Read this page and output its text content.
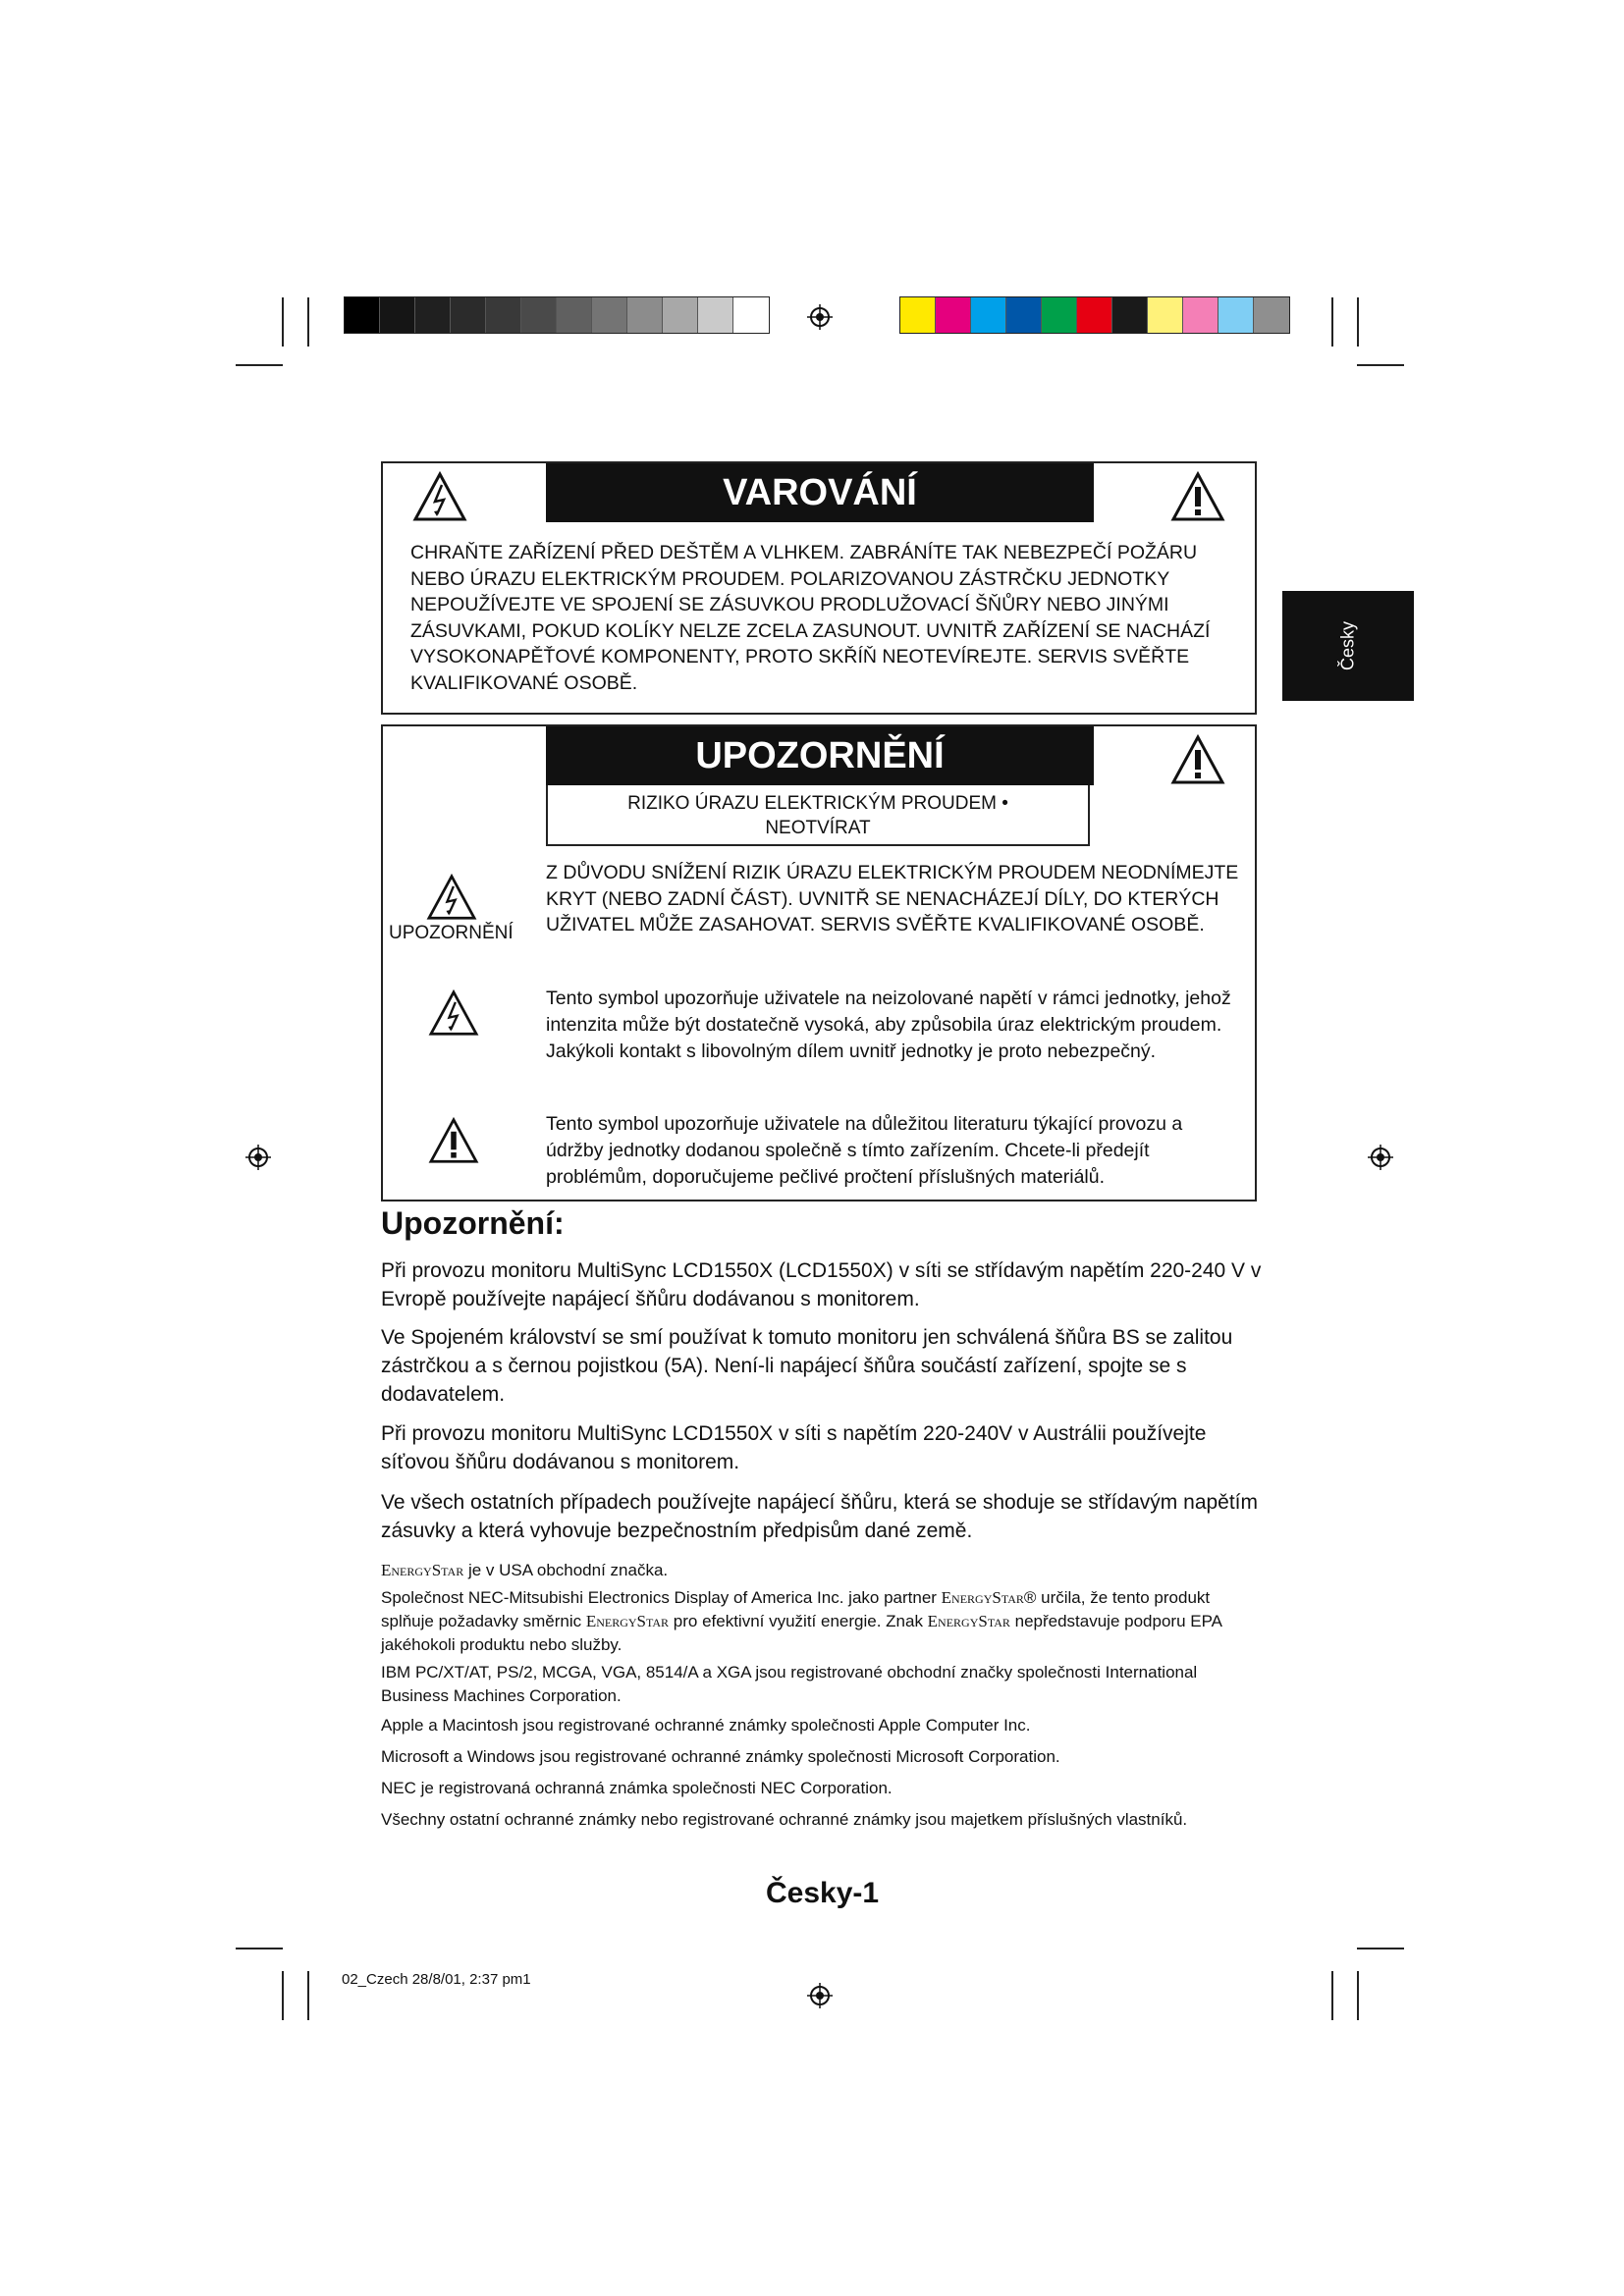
Česky
VAROVÁNÍ
CHRAŇTE ZAŘÍZENÍ PŘED DEŠTĚM A VLHKEM. ZABRÁNÍTE TAK NEBEZPEČÍ POŽÁRU NEBO ÚRAZU ELEKTRICKÝM PROUDEM. POLARIZOVANOU ZÁSTRČKU JEDNOTKY NEPOUŽÍVEJTE VE SPOJENÍ SE ZÁSUVKOU PRODLUŽOVACÍ ŠŇŮRY NEBO JINÝMI ZÁSUVKAMI, POKUD KOLÍKY NELZE ZCELA ZASUNOUT. UVNITŘ ZAŘÍZENÍ SE NACHÁZÍ VYSOKONAPĚŤOVÉ KOMPONENTY, PROTO SKŘÍŇ NEOTEVÍREJTE. SERVIS SVĚŘTE KVALIFIKOVANÉ OSOBĚ.
UPOZORNĚNÍ
RIZIKO ÚRAZU ELEKTRICKÝM PROUDEM •
NEOTVÍRAT
UPOZORNĚNÍ
Z DŮVODU SNÍŽENÍ RIZIK ÚRAZU ELEKTRICKÝM PROUDEM NEODNÍMEJTE KRYT (NEBO ZADNÍ ČÁST). UVNITŘ SE NENACHÁZEJÍ DÍLY, DO KTERÝCH UŽIVATEL MŮŽE ZASAHOVAT. SERVIS SVĚŘTE KVALIFIKOVANÉ OSOBĚ.
Tento symbol upozorňuje uživatele na neizolované napětí v rámci jednotky, jehož intenzita může být dostatečně vysoká, aby způsobila úraz elektrickým proudem. Jakýkoli kontakt s libovolným dílem uvnitř jednotky je proto nebezpečný.
Tento symbol upozorňuje uživatele na důležitou literaturu týkající provozu a údržby jednotky dodanou společně s tímto zařízením. Chcete-li předejít problémům, doporučujeme pečlivé pročtení příslušných materiálů.
Upozornění:
Při provozu monitoru MultiSync LCD1550X (LCD1550X) v síti se střídavým napětím 220-240 V v Evropě používejte napájecí šňůru dodávanou s monitorem.
Ve Spojeném království se smí používat k tomuto monitoru jen schválená šňůra BS se zalitou zástrčkou a s černou pojistkou (5A). Není-li napájecí šňůra součástí zařízení, spojte se s dodavatelem.
Při provozu monitoru MultiSync LCD1550X v síti s napětím 220-240V v Austrálii používejte síťovou šňůru dodávanou s monitorem.
Ve všech ostatních případech používejte napájecí šňůru, která se shoduje se střídavým napětím zásuvky a která vyhovuje bezpečnostním předpisům dané země.
EnergyStar je v USA obchodní značka.
Společnost NEC-Mitsubishi Electronics Display of America Inc. jako partner EnergyStar® určila, že tento produkt splňuje požadavky směrnic EnergyStar pro efektivní využití energie. Znak EnergyStar nepředstavuje podporu EPA jakéhokoli produktu nebo služby.
IBM PC/XT/AT, PS/2, MCGA, VGA, 8514/A a XGA jsou registrované obchodní značky společnosti International Business Machines Corporation.
Apple a Macintosh jsou registrované ochranné známky společnosti Apple Computer Inc.
Microsoft a Windows jsou registrované ochranné známky společnosti Microsoft Corporation.
NEC je registrovaná ochranná známka společnosti NEC Corporation.
Všechny ostatní ochranné známky nebo registrované ochranné známky jsou majetkem příslušných vlastníků.
Česky-1
02_Czech 28/8/01, 2:37 pm1
